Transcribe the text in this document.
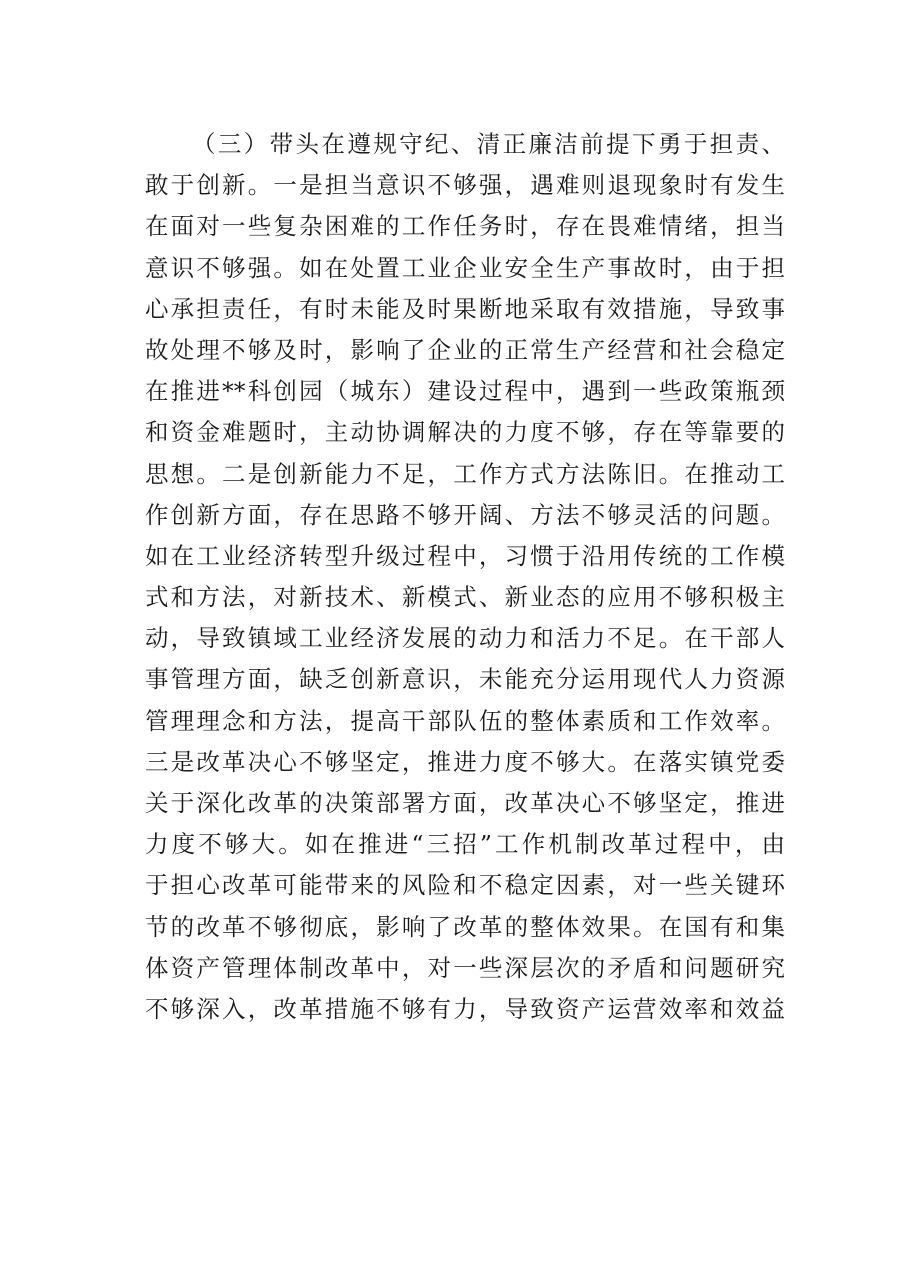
（三）带头在遵规守纪、清正廉洁前提下勇于担责、
敢于创新。一是担当意识不够强，遇难则退现象时有发生
在面对一些复杂困难的工作任务时，存在畏难情绪，担当
意识不够强。如在处置工业企业安全生产事故时，由于担
心承担责任，有时未能及时果断地采取有效措施，导致事
故处理不够及时，影响了企业的正常生产经营和社会稳定
在推进**科创园（城东）建设过程中，遇到一些政策瓶颈
和资金难题时，主动协调解决的力度不够，存在等靠要的
思想。二是创新能力不足，工作方式方法陈旧。在推动工
作创新方面，存在思路不够开阔、方法不够灵活的问题。
如在工业经济转型升级过程中，习惯于沿用传统的工作模
式和方法，对新技术、新模式、新业态的应用不够积极主
动，导致镇域工业经济发展的动力和活力不足。在干部人
事管理方面，缺乏创新意识，未能充分运用现代人力资源
管理理念和方法，提高干部队伍的整体素质和工作效率。
三是改革决心不够坚定，推进力度不够大。在落实镇党委
关于深化改革的决策部署方面，改革决心不够坚定，推进
力度不够大。如在推进“三招”工作机制改革过程中，由
于担心改革可能带来的风险和不稳定因素，对一些关键环
节的改革不够彻底，影响了改革的整体效果。在国有和集
体资产管理体制改革中，对一些深层次的矛盾和问题研究
不够深入，改革措施不够有力，导致资产运营效率和效益
